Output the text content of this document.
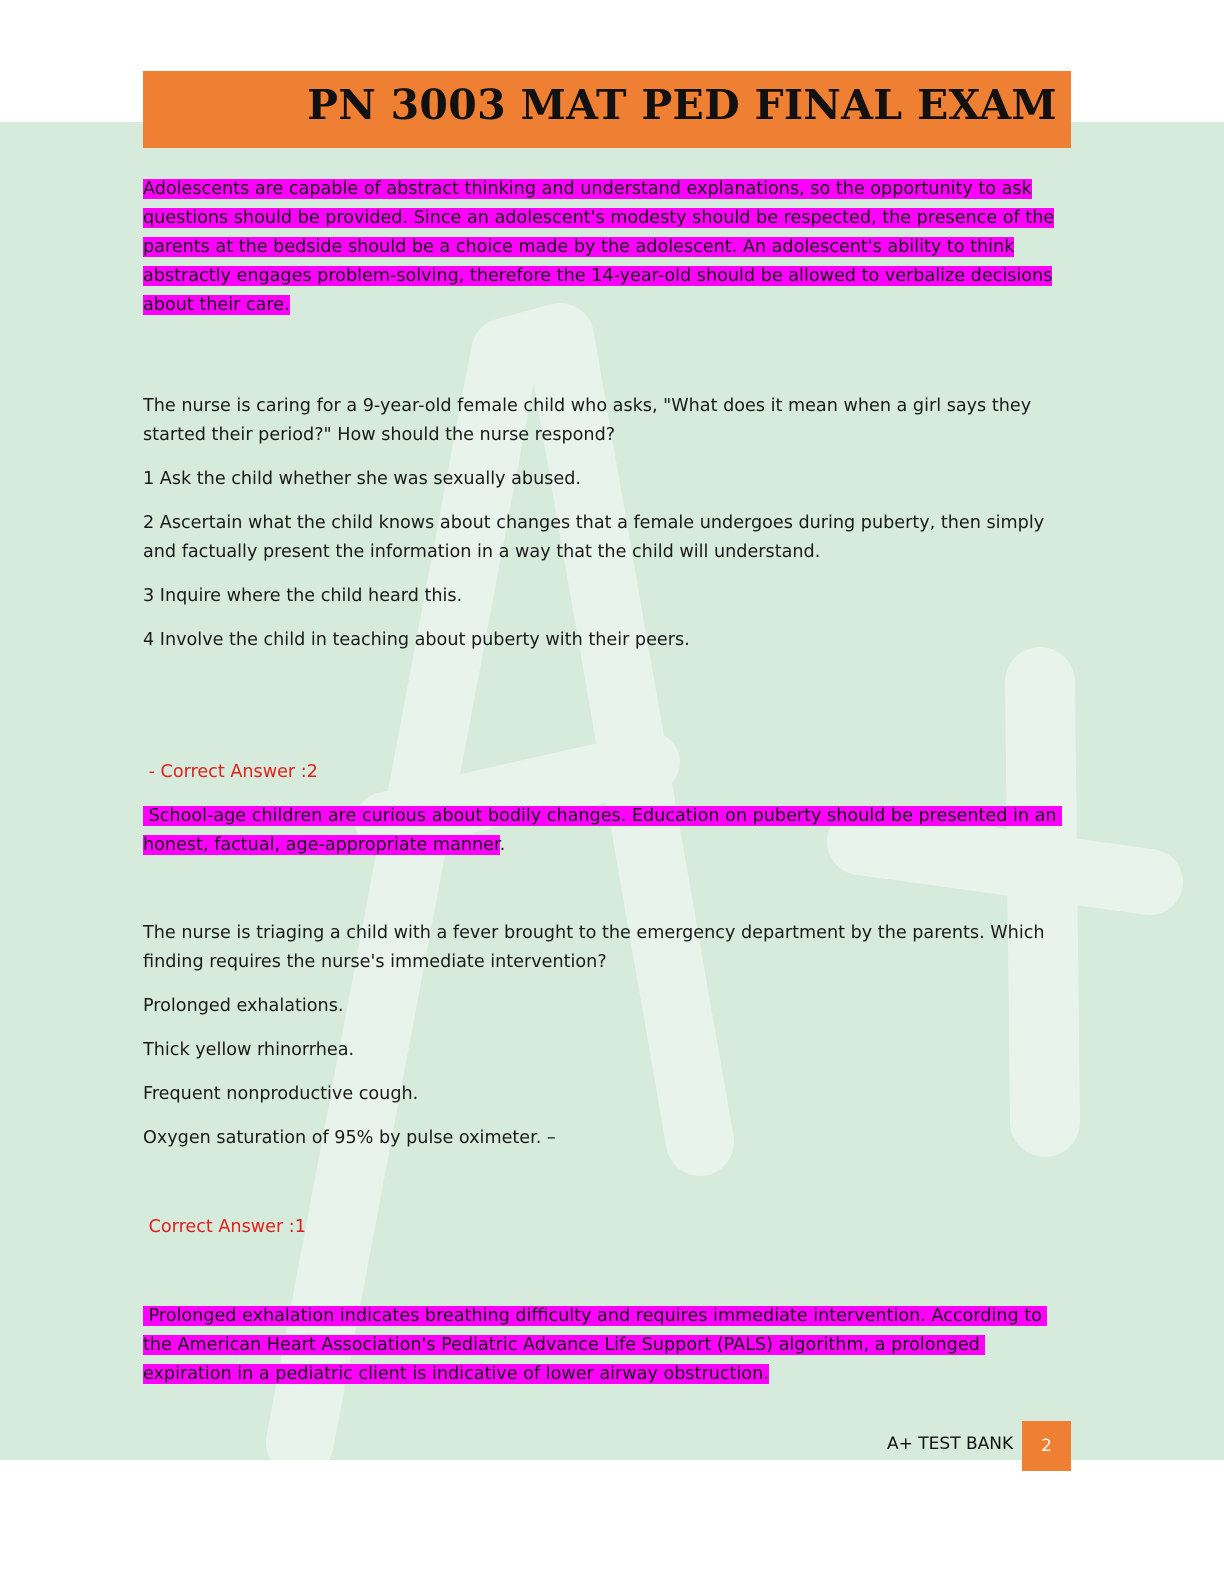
PN 3003 MAT PED FINAL EXAM

Adolescents are capable of abstract thinking and understand explanations, so the opportunity to ask questions should be provided. Since an adolescent's modesty should be respected, the presence of the parents at the bedside should be a choice made by the adolescent. An adolescent's ability to think abstractly engages problem-solving, therefore the 14-year-old should be allowed to verbalize decisions about their care.

The nurse is caring for a 9-year-old female child who asks, "What does it mean when a girl says they started their period?" How should the nurse respond?

1 Ask the child whether she was sexually abused.

2 Ascertain what the child knows about changes that a female undergoes during puberty, then simply and factually present the information in a way that the child will understand.

3 Inquire where the child heard this.

4 Involve the child in teaching about puberty with their peers.

- Correct Answer :2

School-age children are curious about bodily changes. Education on puberty should be presented in an honest, factual, age-appropriate manner.

The nurse is triaging a child with a fever brought to the emergency department by the parents. Which finding requires the nurse's immediate intervention?

Prolonged exhalations.

Thick yellow rhinorrhea.

Frequent nonproductive cough.

Oxygen saturation of 95% by pulse oximeter. –

Correct Answer :1

Prolonged exhalation indicates breathing difficulty and requires immediate intervention. According to the American Heart Association's Pediatric Advance Life Support (PALS) algorithm, a prolonged expiration in a pediatric client is indicative of lower airway obstruction.

A+ TEST BANK	2
